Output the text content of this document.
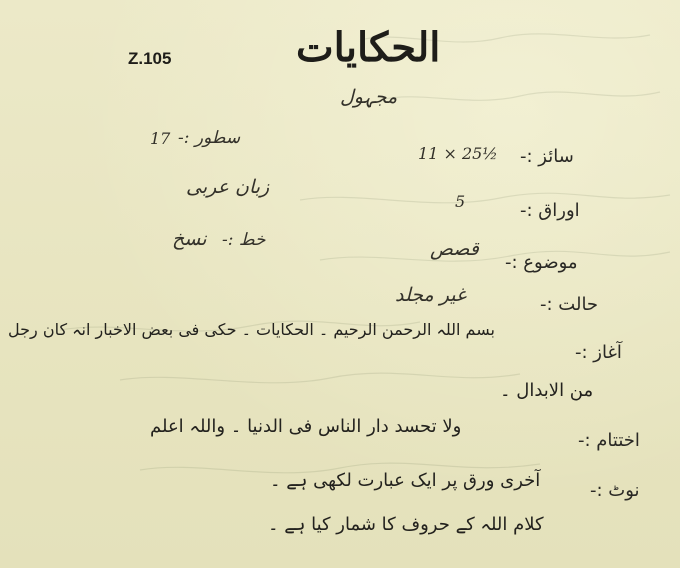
الحکایات
Z.105
مجہول
سائز :-
11 × 25½
سطور :-
17
زبان عربی
اوراق :-
5
خط :-
نسخ
موضوع :-
قصص
حالت :-
غیر مجلد
آغاز :-
بسم اللہ الرحمن الرحیم ۔ الحکایات ۔ حکی فی بعض الاخبار انہ کان رجل
من الابدال ۔
اختتام :-
ولا تحسد دار الناس فی الدنیا ۔ واللہ اعلم
نوٹ :-
آخری ورق پر ایک عبارت لکھی ہے ۔
کلام اللہ کے حروف کا شمار کیا ہے ۔
